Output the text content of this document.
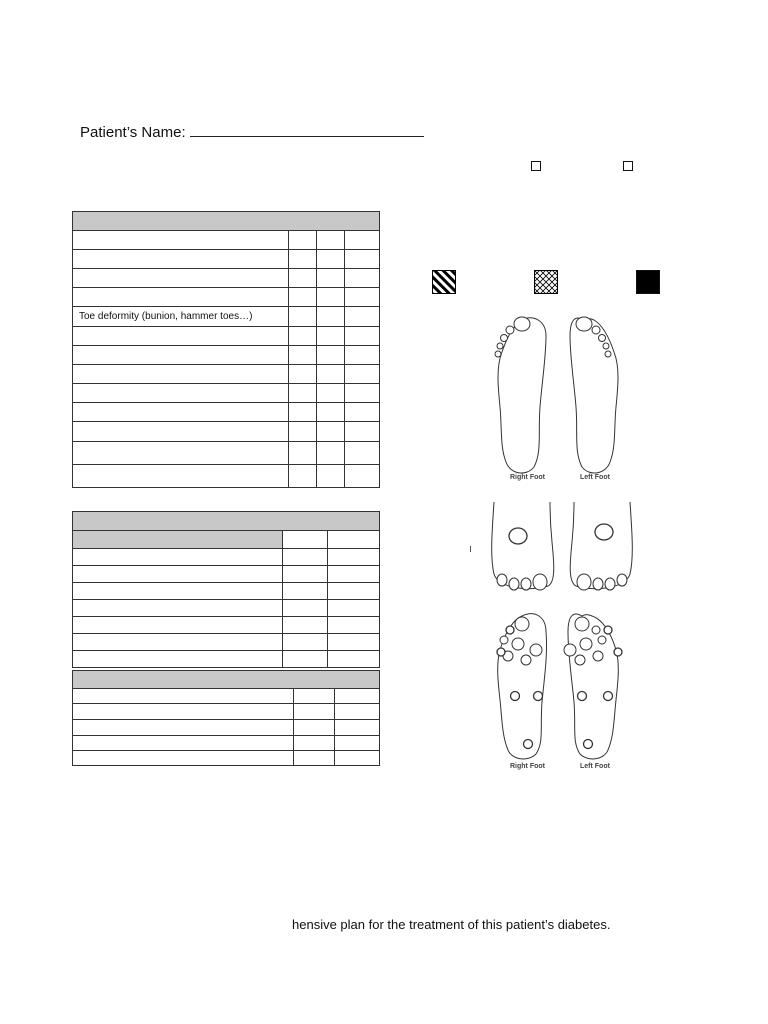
Patient’s Name:

Toe deformity (bunion, hammer toes…)			

Right Foot	Left Foot
Right Foot	Left Foot
hensive plan for the treatment of this patient’s diabetes.
